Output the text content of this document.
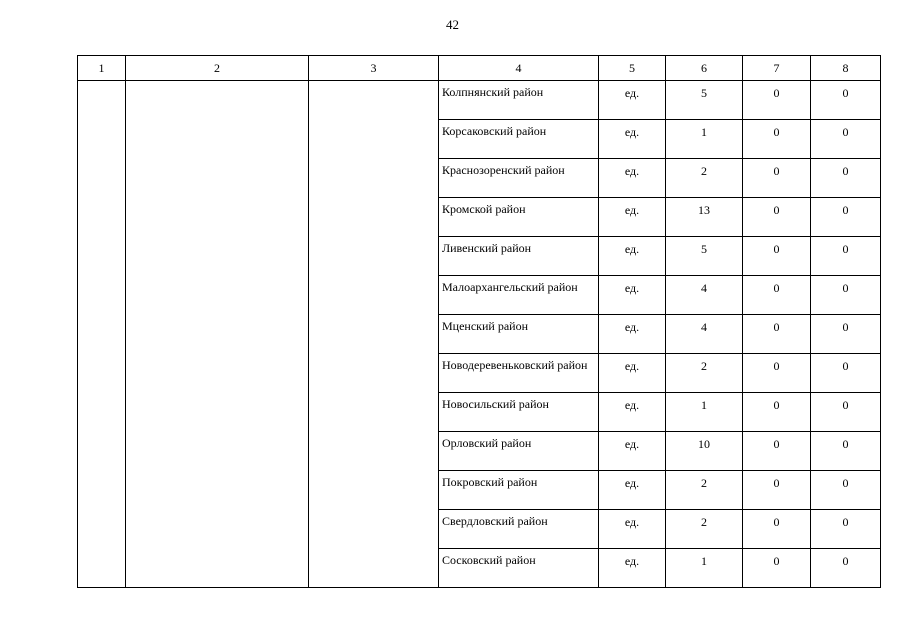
42
1	2	3	4	5	6	7	8
			Колпнянский район	ед.	5	0	0
			Корсаковский район	ед.	1	0	0
			Краснозоренский район	ед.	2	0	0
			Кромской район	ед.	13	0	0
			Ливенский район	ед.	5	0	0
			Малоархангельский район	ед.	4	0	0
			Мценский район	ед.	4	0	0
			Новодеревеньковский район	ед.	2	0	0
			Новосильский район	ед.	1	0	0
			Орловский район	ед.	10	0	0
			Покровский район	ед.	2	0	0
			Свердловский район	ед.	2	0	0
			Сосковский район	ед.	1	0	0
